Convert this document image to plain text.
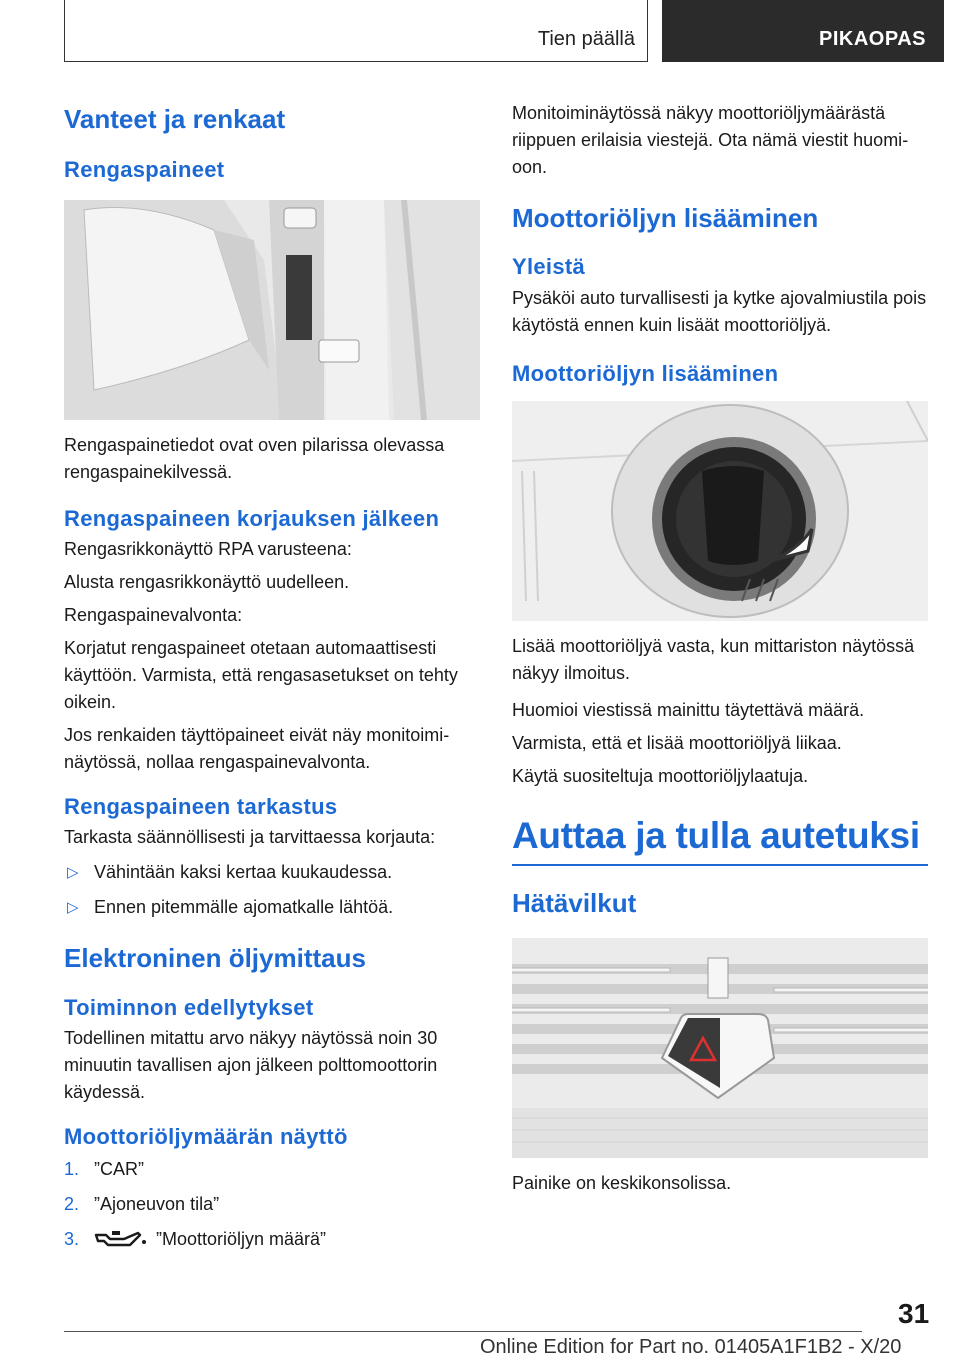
Tien päällä	PIKAOPAS
Vanteet ja renkaat
Rengaspaineet

Rengaspainetiedot ovat oven pilarissa olevassa rengaspainekilvessä.

Rengaspaineen korjauksen jälkeen

Rengasrikkonäyttö RPA varusteena:

Alusta rengasrikkonäyttö uudelleen.

Rengaspainevalvonta:

Korjatut rengaspaineet otetaan automaattisesti käyttöön. Varmista, että rengasasetukset on tehty oikein.

Jos renkaiden täyttöpaineet eivät näy monitoiminäytössä, nollaa rengaspainevalvonta.

Rengaspaineen tarkastus

Tarkasta säännöllisesti ja tarvittaessa korjauta:

▷ Vähintään kaksi kertaa kuukaudessa.
▷ Ennen pitemmälle ajomatkalle lähtöä.
Elektroninen öljymittaus
Toiminnon edellytykset

Todellinen mitattu arvo näkyy näytössä noin 30 minuutin tavallisen ajon jälkeen polttomoottorin käydessä.

Moottoriöljymäärän näyttö
1. ”CAR”
2. ”Ajoneuvon tila”
3.	”Moottoriöljyn määrä”

Monitoiminäytössä näkyy moottoriöljymäärästä riippuen erilaisia viestejä. Ota nämä viestit huomioon.

Moottoriöljyn lisääminen
Yleistä

Pysäköi auto turvallisesti ja kytke ajovalmiustila pois käytöstä ennen kuin lisäät moottoriöljyä.

Moottoriöljyn lisääminen

Lisää moottoriöljyä vasta, kun mittariston näytössä näkyy ilmoitus.

Huomioi viestissä mainittu täytettävä määrä.

Varmista, että et lisää moottoriöljyä liikaa.

Käytä suositeltuja moottoriöljylaatuja.

Auttaa ja tulla autetuksi
Hätävilkut

Painike on keskikonsolissa.

31
Online Edition for Part no. 01405A1F1B2 - X/20
